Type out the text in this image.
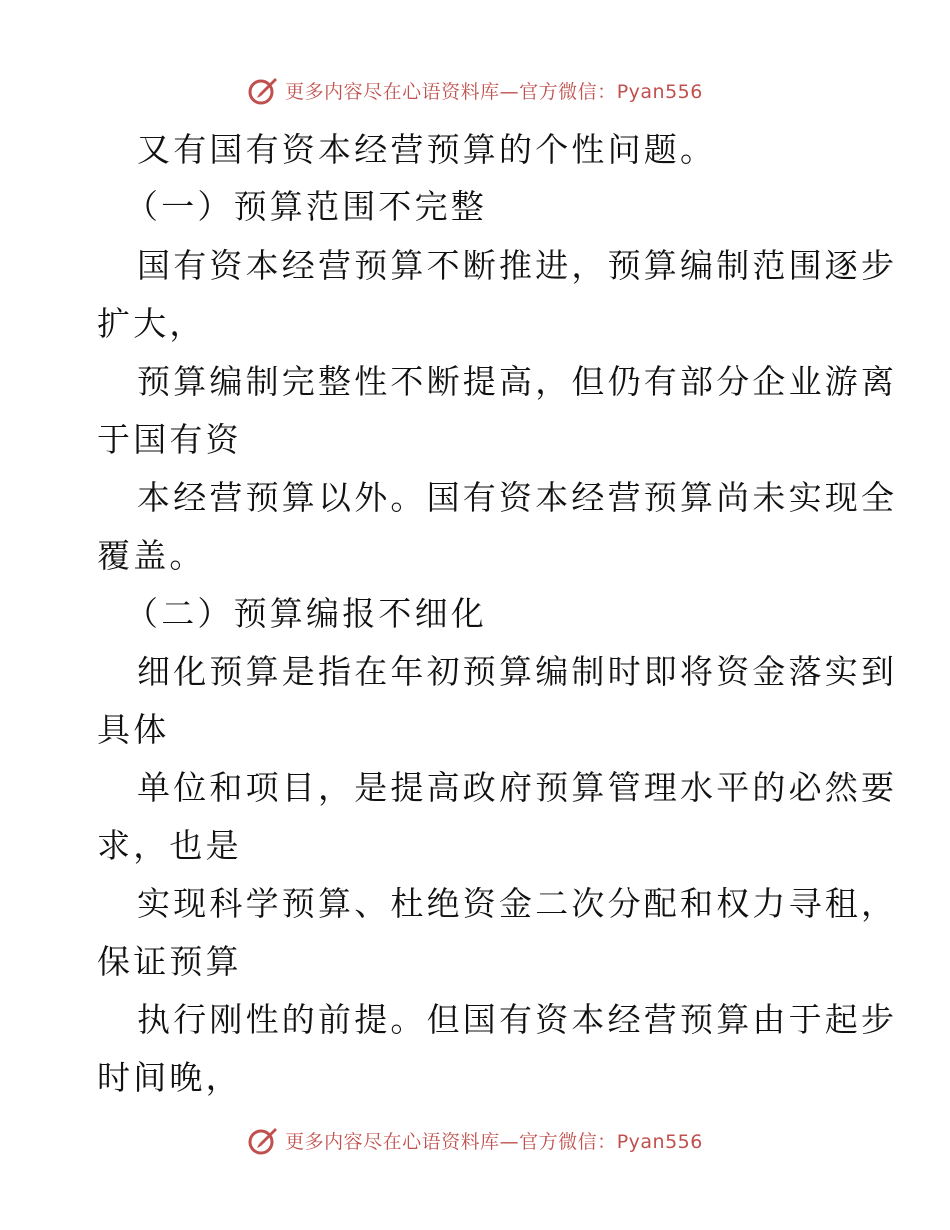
更多内容尽在心语资料库—官方微信：Pyan556
又有国有资本经营预算的个性问题。
（一）预算范围不完整
国有资本经营预算不断推进，预算编制范围逐步
扩大，
预算编制完整性不断提高，但仍有部分企业游离
于国有资
本经营预算以外。国有资本经营预算尚未实现全
覆盖。
（二）预算编报不细化
细化预算是指在年初预算编制时即将资金落实到
具体
单位和项目，是提高政府预算管理水平的必然要
求，也是
实现科学预算、杜绝资金二次分配和权力寻租，
保证预算
执行刚性的前提。但国有资本经营预算由于起步
时间晚，
更多内容尽在心语资料库—官方微信：Pyan556
